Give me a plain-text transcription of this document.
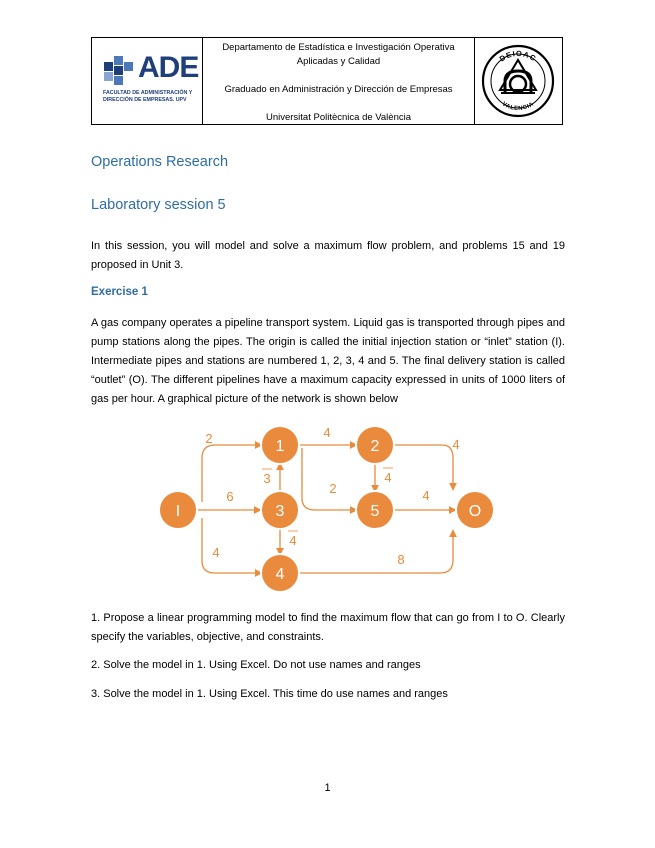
ADE
FACULTAD DE ADMINISTRACIÓN Y
DIRECCIÓN DE EMPRESAS. UPV
Departamento de Estadística e Investigación Operativa
Aplicadas y Calidad
Graduado en Administración y Dirección de Empresas
Universitat Politècnica de València
DEIOAC
VALENCIA
Operations Research
Laboratory session 5
In this session, you will model and solve a maximum flow problem, and problems 15 and 19 proposed in Unit 3.
Exercise 1
A gas company operates a pipeline transport system. Liquid gas is transported through pipes and pump stations along the pipes. The origin is called the initial injection station or “inlet” station (I). Intermediate pipes and stations are numbered 1, 2, 3, 4 and 5. The final delivery station is called “outlet” (O). The different pipelines have a maximum capacity expressed in units of 1000 liters of gas per hour. A graphical picture of the network is shown below
I
1	2
3
4
5	O
2
6
4
4
2
3	4
4
4
4
8
1. Propose a linear programming model to find the maximum flow that can go from I to O. Clearly specify the variables, objective, and constraints.
2. Solve the model in 1. Using Excel. Do not use names and ranges
3. Solve the model in 1. Using Excel. This time do use names and ranges
1
